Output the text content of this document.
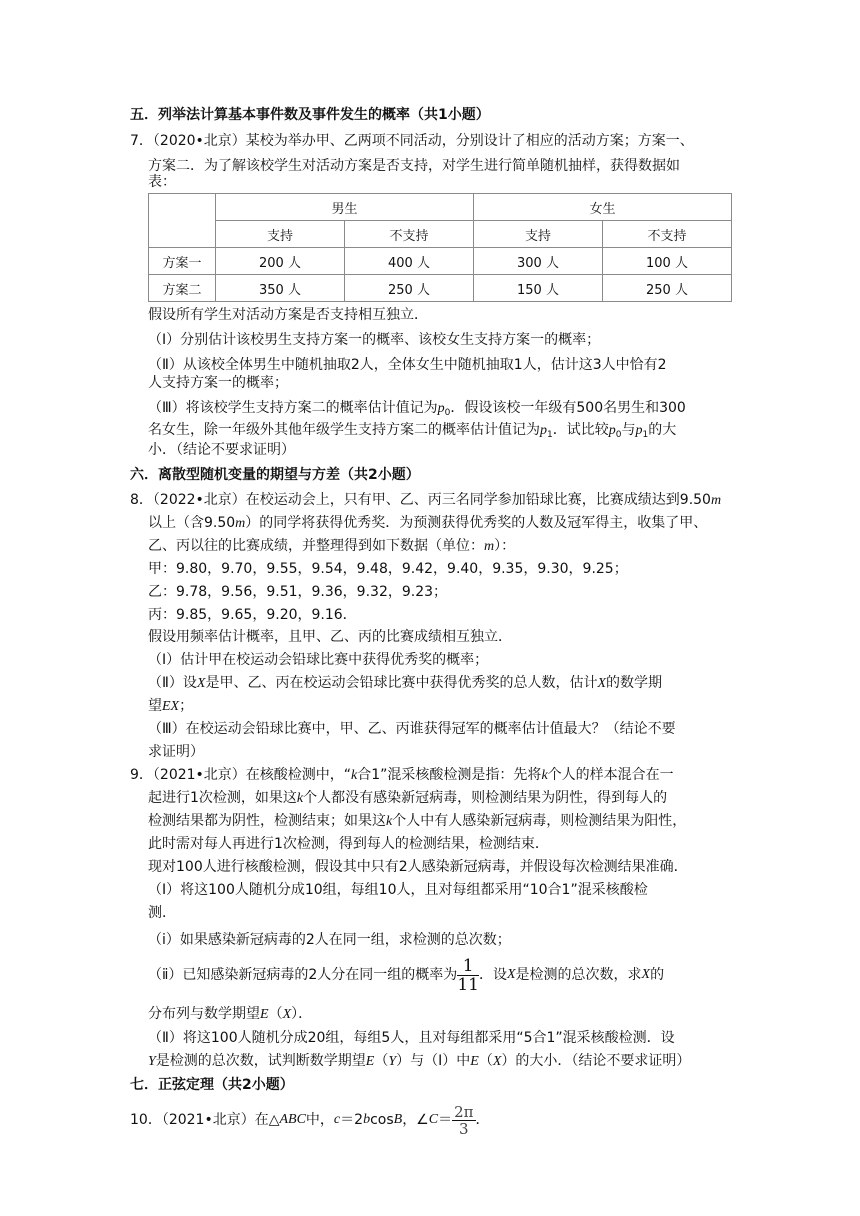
五．列举法计算基本事件数及事件发生的概率（共1小题）
7．（2020•北京）某校为举办甲、乙两项不同活动，分别设计了相应的活动方案；方案一、
方案二．为了解该校学生对活动方案是否支持，对学生进行简单随机抽样，获得数据如
表：
	男生		女生	
	支持	不支持	支持	不支持
方案一	200 人	400 人	300 人	100 人
方案二	350 人	250 人	150 人	250 人
假设所有学生对活动方案是否支持相互独立．
（Ⅰ）分别估计该校男生支持方案一的概率、该校女生支持方案一的概率；
（Ⅱ）从该校全体男生中随机抽取2人，全体女生中随机抽取1人，估计这3人中恰有2
人支持方案一的概率；
（Ⅲ）将该校学生支持方案二的概率估计值记为$p_0$．假设该校一年级有500名男生和300
名女生，除一年级外其他年级学生支持方案二的概率估计值记为$p_1$．试比较$p_0$与$p_1$的大
小．（结论不要求证明）
六．离散型随机变量的期望与方差（共2小题）
8．（2022•北京）在校运动会上，只有甲、乙、丙三名同学参加铅球比赛，比赛成绩达到9.50m
以上（含9.50m）的同学将获得优秀奖．为预测获得优秀奖的人数及冠军得主，收集了甲、
乙、丙以往的比赛成绩，并整理得到如下数据（单位：m）：
甲：9.80，9.70，9.55，9.54，9.48，9.42，9.40，9.35，9.30，9.25；
乙：9.78，9.56，9.51，9.36，9.32，9.23；
丙：9.85，9.65，9.20，9.16．
假设用频率估计概率，且甲、乙、丙的比赛成绩相互独立．
（Ⅰ）估计甲在校运动会铅球比赛中获得优秀奖的概率；
（Ⅱ）设X是甲、乙、丙在校运动会铅球比赛中获得优秀奖的总人数，估计X的数学期
望EX；
（Ⅲ）在校运动会铅球比赛中，甲、乙、丙谁获得冠军的概率估计值最大？（结论不要
求证明）
9．（2021•北京）在核酸检测中，“k合1”混采核酸检测是指：先将k个人的样本混合在一
起进行1次检测，如果这k个人都没有感染新冠病毒，则检测结果为阴性，得到每人的
检测结果都为阴性，检测结束；如果这k个人中有人感染新冠病毒，则检测结果为阳性，
此时需对每人再进行1次检测，得到每人的检测结果，检测结束．
现对100人进行核酸检测，假设其中只有2人感染新冠病毒，并假设每次检测结果准确．
（Ⅰ）将这100人随机分成10组，每组10人，且对每组都采用“10合1”混采核酸检
测．
（ⅰ）如果感染新冠病毒的2人在同一组，求检测的总次数；
（ⅱ）已知感染新冠病毒的2人分在同一组的概率为 $\frac{1}{11}$ ．设 X 是检测的总次数，求 X 的
分布列与数学期望E（X）．
（Ⅱ）将这100人随机分成20组，每组5人，且对每组都采用“5合1”混采核酸检测．设
Y是检测的总次数，试判断数学期望E（Y）与（Ⅰ）中E（X）的大小．（结论不要求证明）
七．正弦定理（共2小题）
10．（2021•北京）在△ ABC 中， c ＝2 b cos B ，∠ $C = \frac{2\pi}{3}$ ．
